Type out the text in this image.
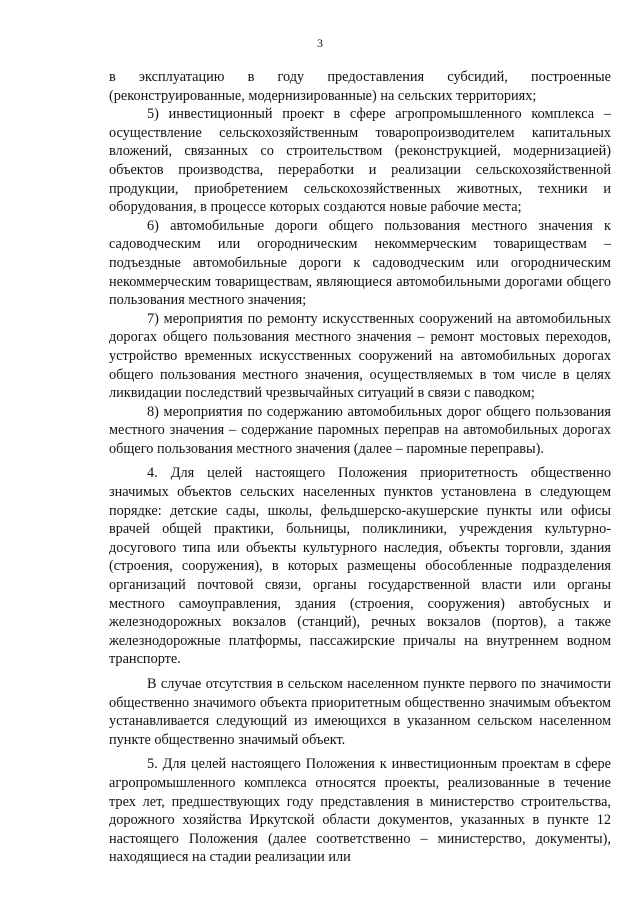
3

в эксплуатацию в году предоставления субсидий, построенные (реконструированные, модернизированные) на сельских территориях;

5) инвестиционный проект в сфере агропромышленного комплекса – осуществление сельскохозяйственным товаропроизводителем капитальных вложений, связанных со строительством (реконструкцией, модернизацией) объектов производства, переработки и реализации сельскохозяйственной продукции, приобретением сельскохозяйственных животных, техники и оборудования, в процессе которых создаются новые рабочие места;

6) автомобильные дороги общего пользования местного значения к садоводческим или огородническим некоммерческим товариществам – подъездные автомобильные дороги к садоводческим или огородническим некоммерческим товариществам, являющиеся автомобильными дорогами общего пользования местного значения;

7) мероприятия по ремонту искусственных сооружений на автомобильных дорогах общего пользования местного значения – ремонт мостовых переходов, устройство временных искусственных сооружений на автомобильных дорогах общего пользования местного значения, осуществляемых в том числе в целях ликвидации последствий чрезвычайных ситуаций в связи с паводком;

8) мероприятия по содержанию автомобильных дорог общего пользования местного значения – содержание паромных переправ на автомобильных дорогах общего пользования местного значения (далее – паромные переправы).

4. Для целей настоящего Положения приоритетность общественно значимых объектов сельских населенных пунктов установлена в следующем порядке: детские сады, школы, фельдшерско-акушерские пункты или офисы врачей общей практики, больницы, поликлиники, учреждения культурно-досугового типа или объекты культурного наследия, объекты торговли, здания (строения, сооружения), в которых размещены обособленные подразделения организаций почтовой связи, органы государственной власти или органы местного самоуправления, здания (строения, сооружения) автобусных и железнодорожных вокзалов (станций), речных вокзалов (портов), а также железнодорожные платформы, пассажирские причалы на внутреннем водном транспорте.

В случае отсутствия в сельском населенном пункте первого по значимости общественно значимого объекта приоритетным общественно значимым объектом устанавливается следующий из имеющихся в указанном сельском населенном пункте общественно значимый объект.

5. Для целей настоящего Положения к инвестиционным проектам в сфере агропромышленного комплекса относятся проекты, реализованные в течение трех лет, предшествующих году представления в министерство строительства, дорожного хозяйства Иркутской области документов, указанных в пункте 12 настоящего Положения (далее соответственно – министерство, документы), находящиеся на стадии реализации или
